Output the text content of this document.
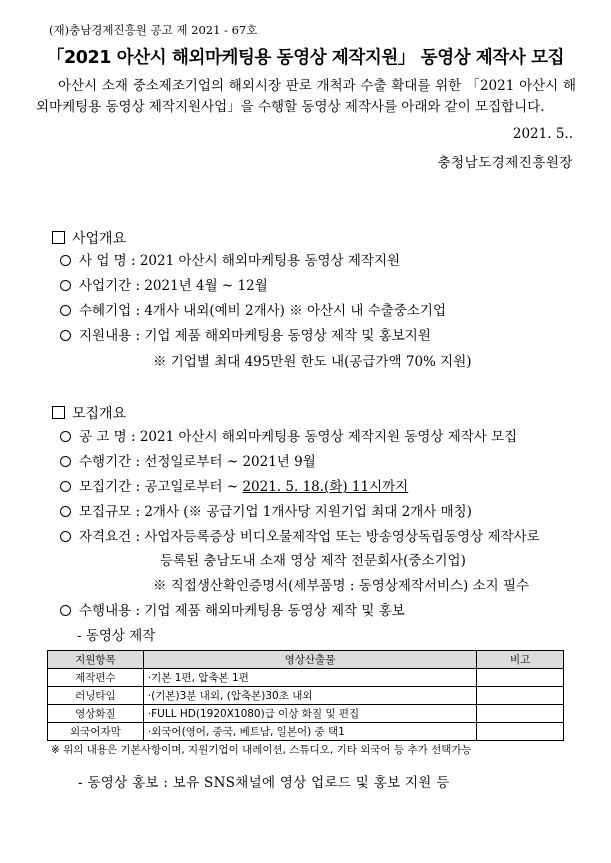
(재)충남경제진흥원 공고 제 2021 - 67호
「2021 아산시 해외마케팅용 동영상 제작지원」 동영상 제작사 모집
아산시 소재 중소제조기업의 해외시장 판로 개척과 수출 확대를 위한 「2021 아산시 해외마케팅용 동영상 제작지원사업」을 수행할 동영상 제작사를 아래와 같이 모집합니다.
2021. 5..
충청남도경제진흥원장
사업개요
사 업 명 : 2021 아산시 해외마케팅용 동영상 제작지원
사업기간 : 2021년 4월 ~ 12월
수혜기업 : 4개사 내외(예비 2개사) ※ 아산시 내 수출중소기업
지원내용 : 기업 제품 해외마케팅용 동영상 제작 및 홍보지원
※ 기업별 최대 495만원 한도 내(공급가액 70% 지원)
모집개요
공 고 명 : 2021 아산시 해외마케팅용 동영상 제작지원 동영상 제작사 모집
수행기간 : 선정일로부터 ~ 2021년 9월
모집기간 : 공고일로부터 ~ 2021. 5. 18.(화) 11시까지
모집규모 : 2개사 (※ 공급기업 1개사당 지원기업 최대 2개사 매칭)
자격요건 : 사업자등록증상 비디오물제작업 또는 방송영상독립동영상 제작사로
등록된 충남도내 소재 영상 제작 전문회사(중소기업)
※ 직접생산확인증명서(세부품명 : 동영상제작서비스) 소지 필수
수행내용 : 기업 제품 해외마케팅용 동영상 제작 및 홍보
- 동영상 제작
지원항목	영상산출물	비고
제작편수	·기본 1편, 압축본 1편	
러닝타임	·(기본)3분 내외, (압축본)30초 내외	
영상화질	·FULL HD(1920X1080)급 이상 화질 및 편집	
외국어자막	·외국어(영어, 중국, 베트남, 일본어) 중 택1	
※ 위의 내용은 기본사항이며, 지원기업이 내레이션, 스튜디오, 기타 외국어 등 추가 선택가능
- 동영상 홍보 : 보유 SNS채널에 영상 업로드 및 홍보 지원 등
